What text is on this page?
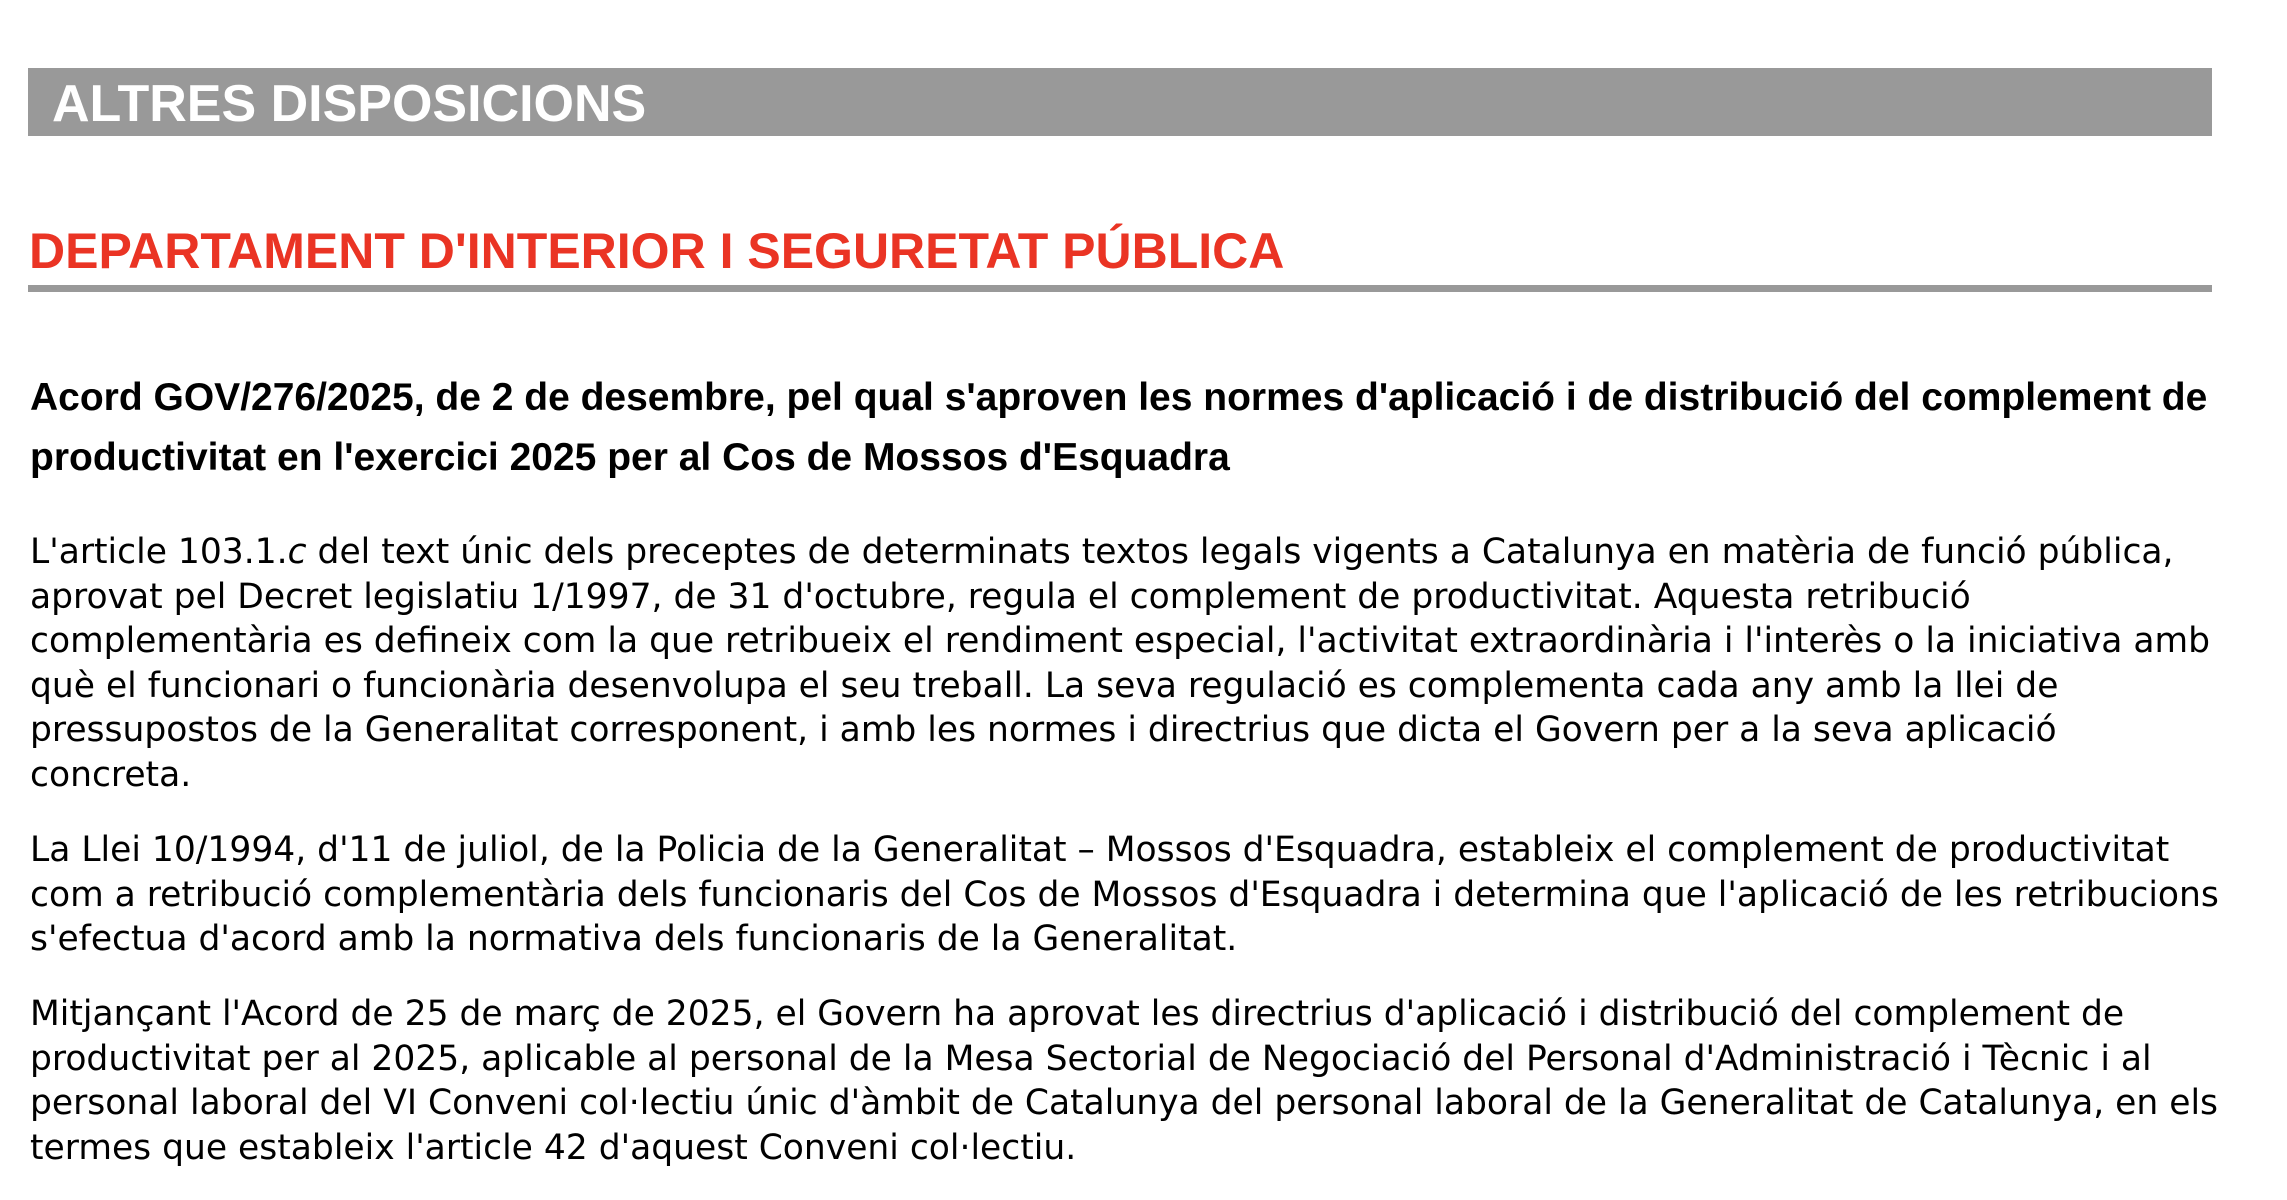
ALTRES DISPOSICIONS
DEPARTAMENT D'INTERIOR I SEGURETAT PÚBLICA
Acord GOV/276/2025, de 2 de desembre, pel qual s'aproven les normes d'aplicació i de distribució del complement de productivitat en l'exercici 2025 per al Cos de Mossos d'Esquadra

L'article 103.1.c del text únic dels preceptes de determinats textos legals vigents a Catalunya en matèria de funció pública, aprovat pel Decret legislatiu 1/1997, de 31 d'octubre, regula el complement de productivitat. Aquesta retribució complementària es defineix com la que retribueix el rendiment especial, l'activitat extraordinària i l'interès o la iniciativa amb què el funcionari o funcionària desenvolupa el seu treball. La seva regulació es complementa cada any amb la llei de pressupostos de la Generalitat corresponent, i amb les normes i directrius que dicta el Govern per a la seva aplicació concreta.

La Llei 10/1994, d'11 de juliol, de la Policia de la Generalitat – Mossos d'Esquadra, estableix el complement de productivitat com a retribució complementària dels funcionaris del Cos de Mossos d'Esquadra i determina que l'aplicació de les retribucions s'efectua d'acord amb la normativa dels funcionaris de la Generalitat.

Mitjançant l'Acord de 25 de març de 2025, el Govern ha aprovat les directrius d'aplicació i distribució del complement de productivitat per al 2025, aplicable al personal de la Mesa Sectorial de Negociació del Personal d'Administració i Tècnic i al personal laboral del VI Conveni col·lectiu únic d'àmbit de Catalunya del personal laboral de la Generalitat de Catalunya, en els termes que estableix l'article 42 d'aquest Conveni col·lectiu.
